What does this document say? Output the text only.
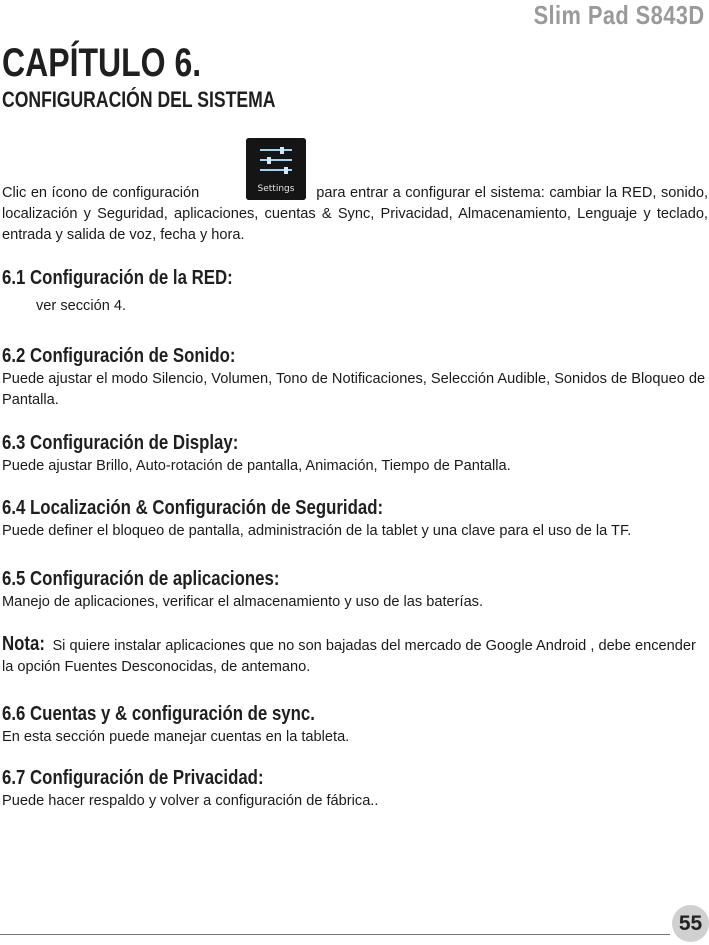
Slim Pad S843D
CAPÍTULO 6.
CONFIGURACIÓN DEL SISTEMA
Settings
Clic en ícono de configuración	para entrar a configurar el sistema: cambiar la RED, sonido, localización y Seguridad, aplicaciones, cuentas & Sync, Privacidad, Almacenamiento, Lenguaje y teclado, entrada y salida de voz, fecha y hora.
6.1 Configuración de la RED:
ver sección 4.
6.2 Configuración de Sonido:
Puede ajustar el modo Silencio, Volumen, Tono de Notificaciones, Selección Audible, Sonidos de Bloqueo de Pantalla.
6.3 Configuración de Display:
Puede ajustar Brillo, Auto-rotación de pantalla, Animación, Tiempo de Pantalla.
6.4 Localización & Configuración de Seguridad:
Puede definer el bloqueo de pantalla, administración de la tablet y una clave para el uso de la TF.
6.5 Configuración de aplicaciones:
Manejo de aplicaciones, verificar el almacenamiento y uso de las baterías.
Nota: Si quiere instalar aplicaciones que no son bajadas del mercado de Google Android , debe encender la opción Fuentes Desconocidas, de antemano.
6.6 Cuentas y & configuración de sync.
En esta sección puede manejar cuentas en la tableta.
6.7 Configuración de Privacidad:
Puede hacer respaldo y volver a configuración de fábrica..
55
